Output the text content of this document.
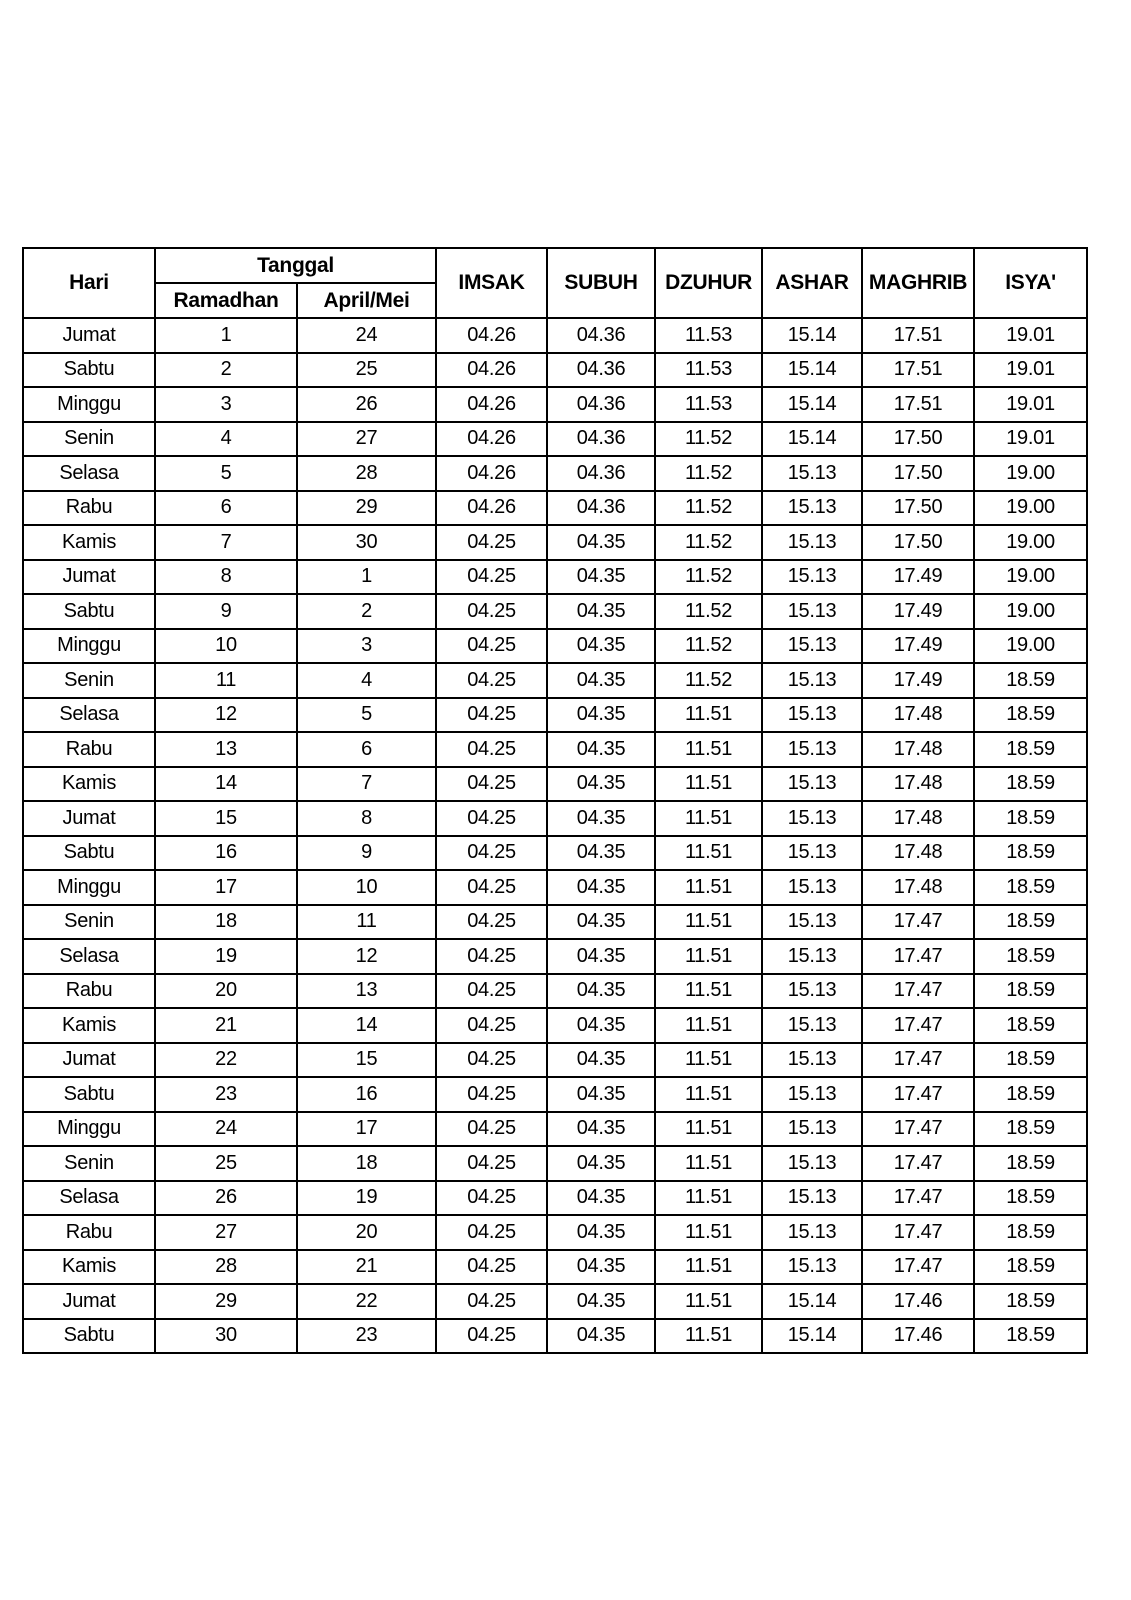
Hari	Tanggal		IMSAK	SUBUH	DZUHUR	ASHAR	MAGHRIB	ISYA'
	Ramadhan	April/Mei						
Jumat	1	24	04.26	04.36	11.53	15.14	17.51	19.01
Sabtu	2	25	04.26	04.36	11.53	15.14	17.51	19.01
Minggu	3	26	04.26	04.36	11.53	15.14	17.51	19.01
Senin	4	27	04.26	04.36	11.52	15.14	17.50	19.01
Selasa	5	28	04.26	04.36	11.52	15.13	17.50	19.00
Rabu	6	29	04.26	04.36	11.52	15.13	17.50	19.00
Kamis	7	30	04.25	04.35	11.52	15.13	17.50	19.00
Jumat	8	1	04.25	04.35	11.52	15.13	17.49	19.00
Sabtu	9	2	04.25	04.35	11.52	15.13	17.49	19.00
Minggu	10	3	04.25	04.35	11.52	15.13	17.49	19.00
Senin	11	4	04.25	04.35	11.52	15.13	17.49	18.59
Selasa	12	5	04.25	04.35	11.51	15.13	17.48	18.59
Rabu	13	6	04.25	04.35	11.51	15.13	17.48	18.59
Kamis	14	7	04.25	04.35	11.51	15.13	17.48	18.59
Jumat	15	8	04.25	04.35	11.51	15.13	17.48	18.59
Sabtu	16	9	04.25	04.35	11.51	15.13	17.48	18.59
Minggu	17	10	04.25	04.35	11.51	15.13	17.48	18.59
Senin	18	11	04.25	04.35	11.51	15.13	17.47	18.59
Selasa	19	12	04.25	04.35	11.51	15.13	17.47	18.59
Rabu	20	13	04.25	04.35	11.51	15.13	17.47	18.59
Kamis	21	14	04.25	04.35	11.51	15.13	17.47	18.59
Jumat	22	15	04.25	04.35	11.51	15.13	17.47	18.59
Sabtu	23	16	04.25	04.35	11.51	15.13	17.47	18.59
Minggu	24	17	04.25	04.35	11.51	15.13	17.47	18.59
Senin	25	18	04.25	04.35	11.51	15.13	17.47	18.59
Selasa	26	19	04.25	04.35	11.51	15.13	17.47	18.59
Rabu	27	20	04.25	04.35	11.51	15.13	17.47	18.59
Kamis	28	21	04.25	04.35	11.51	15.13	17.47	18.59
Jumat	29	22	04.25	04.35	11.51	15.14	17.46	18.59
Sabtu	30	23	04.25	04.35	11.51	15.14	17.46	18.59
